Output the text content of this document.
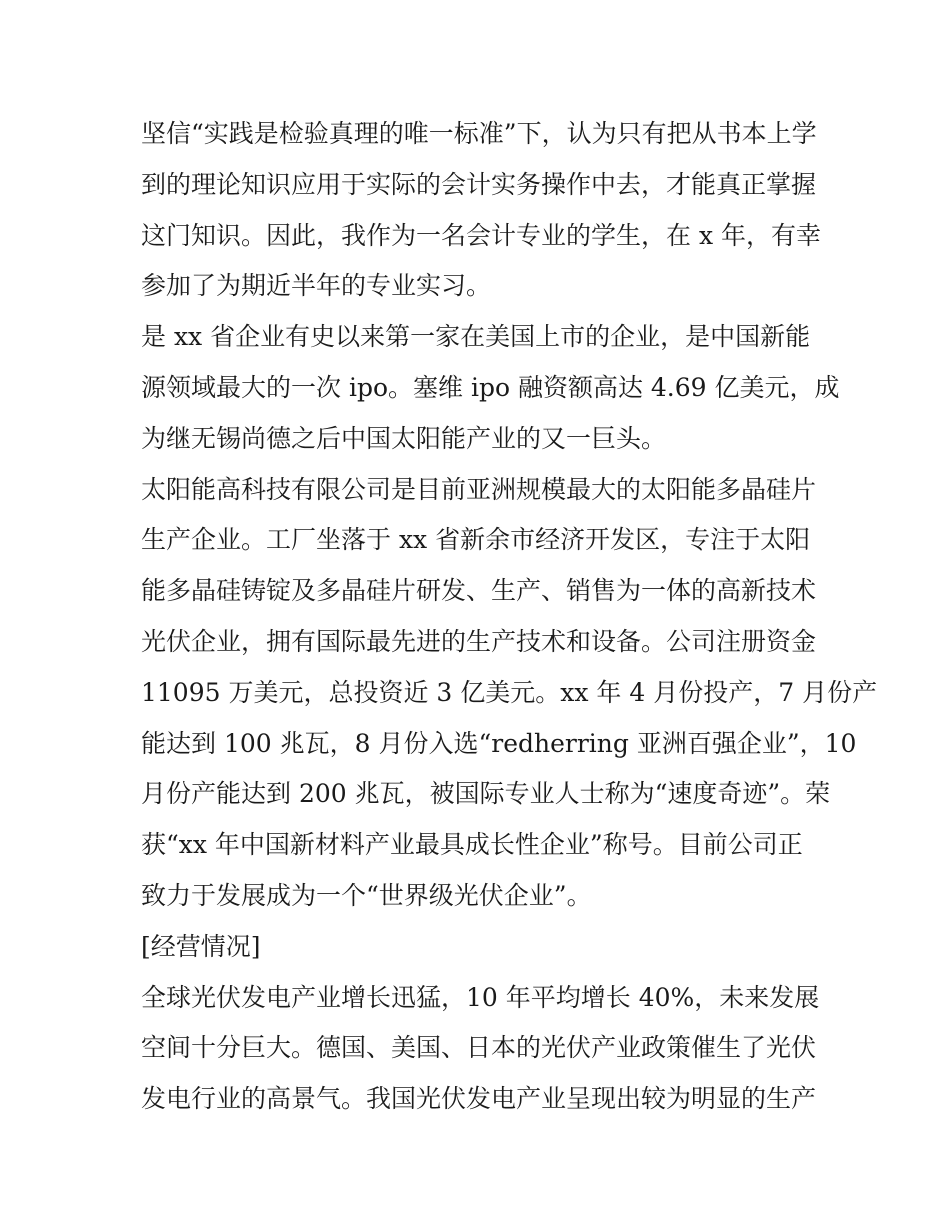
坚信“实践是检验真理的唯一标准”下，认为只有把从书本上学
到的理论知识应用于实际的会计实务操作中去，才能真正掌握
这门知识。因此，我作为一名会计专业的学生，在 x 年，有幸
参加了为期近半年的专业实习。
是 xx 省企业有史以来第一家在美国上市的企业，是中国新能
源领域最大的一次 ipo。塞维 ipo 融资额高达 4.69 亿美元，成
为继无锡尚德之后中国太阳能产业的又一巨头。
太阳能高科技有限公司是目前亚洲规模最大的太阳能多晶硅片
生产企业。工厂坐落于 xx 省新余市经济开发区，专注于太阳
能多晶硅铸锭及多晶硅片研发、生产、销售为一体的高新技术
光伏企业，拥有国际最先进的生产技术和设备。公司注册资金
11095 万美元，总投资近 3 亿美元。xx 年 4 月份投产，7 月份产
能达到 100 兆瓦，8 月份入选“redherring 亚洲百强企业”，10
月份产能达到 200 兆瓦，被国际专业人士称为“速度奇迹”。荣
获“xx 年中国新材料产业最具成长性企业”称号。目前公司正
致力于发展成为一个“世界级光伏企业”。
[经营情况]
全球光伏发电产业增长迅猛，10 年平均增长 40%，未来发展
空间十分巨大。德国、美国、日本的光伏产业政策催生了光伏
发电行业的高景气。我国光伏发电产业呈现出较为明显的生产
